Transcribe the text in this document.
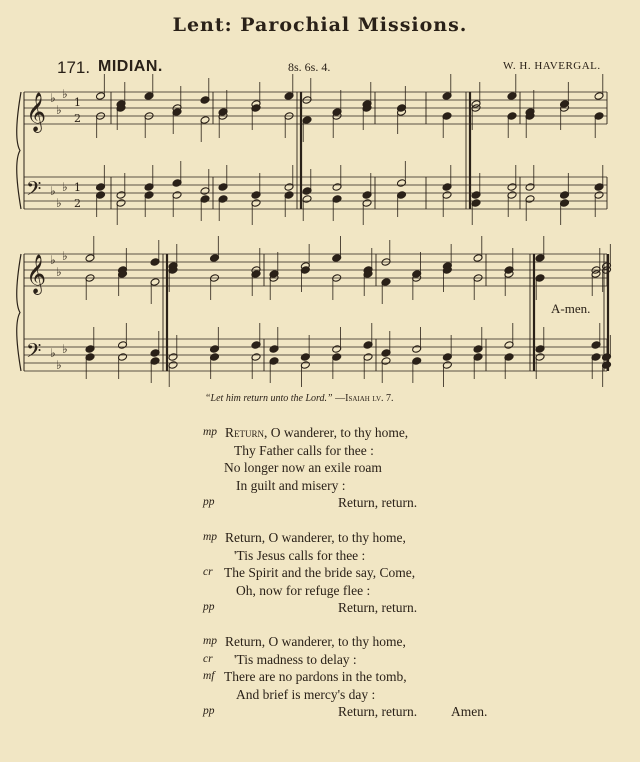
Lent: Parochial Missions.
171. MIDIAN.	8s. 6s. 4.	W. H. HAVERGAL.
𝄞
𝄢
♭
♭
♭
♭
♭
♭
1
2
1
2
𝄞
𝄢
♭
♭
♭
♭
♭
♭
A-men.
“Let him return unto the Lord.” —Isaiah lv. 7.
mp Return, O wanderer, to thy home,
Thy Father calls for thee :
No longer now an exile roam
In guilt and misery :
pp	Return, return.
mp Return, O wanderer, to thy home,
'Tis Jesus calls for thee :
cr The Spirit and the bride say, Come,
Oh, now for refuge flee :
pp	Return, return.
mp Return, O wanderer, to thy home,
cr 'Tis madness to delay :
mf There are no pardons in the tomb,
And brief is mercy's day :
pp	Return, return.	Amen.
